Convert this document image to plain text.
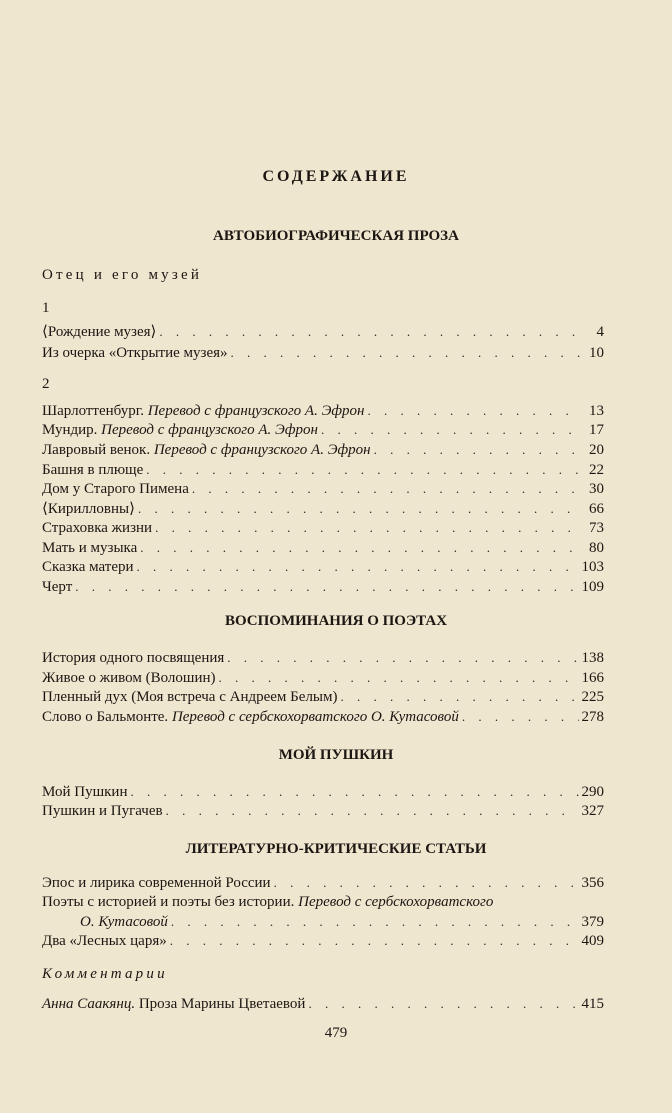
СОДЕРЖАНИЕ
АВТОБИОГРАФИЧЕСКАЯ ПРОЗА
Отец и его музей
1
⟨Рождение музея⟩ . . .	4
Из очерка «Открытие музея» . . .	10
2
Шарлоттенбург. Перевод с французского А. Эфрон . . .	13
Мундир. Перевод с французского А. Эфрон . . .	17
Лавровый венок. Перевод с французского А. Эфрон . . .	20
Башня в плюще . . .	22
Дом у Старого Пимена . . .	30
⟨Кирилловны⟩ . . .	66
Страховка жизни . . .	73
Мать и музыка . . .	80
Сказка матери . . .	103
Черт . . .	109
ВОСПОМИНАНИЯ О ПОЭТАХ
История одного посвящения . . .	138
Живое о живом (Волошин) . . .	166
Пленный дух (Моя встреча с Андреем Белым) . . .	225
Слово о Бальмонте. Перевод с сербскохорватского О. Кутасовой . . .	278
МОЙ ПУШКИН
Мой Пушкин . . .	290
Пушкин и Пугачев . . .	327
ЛИТЕРАТУРНО-КРИТИЧЕСКИЕ СТАТЬИ
Эпос и лирика современной России . . .	356
Поэты с историей и поэты без истории. Перевод с сербскохорватского
О. Кутасовой . . .	379
Два «Лесных царя» . . .	409
Комментарии
Анна Саакянц. Проза Марины Цветаевой . . .	415
479
